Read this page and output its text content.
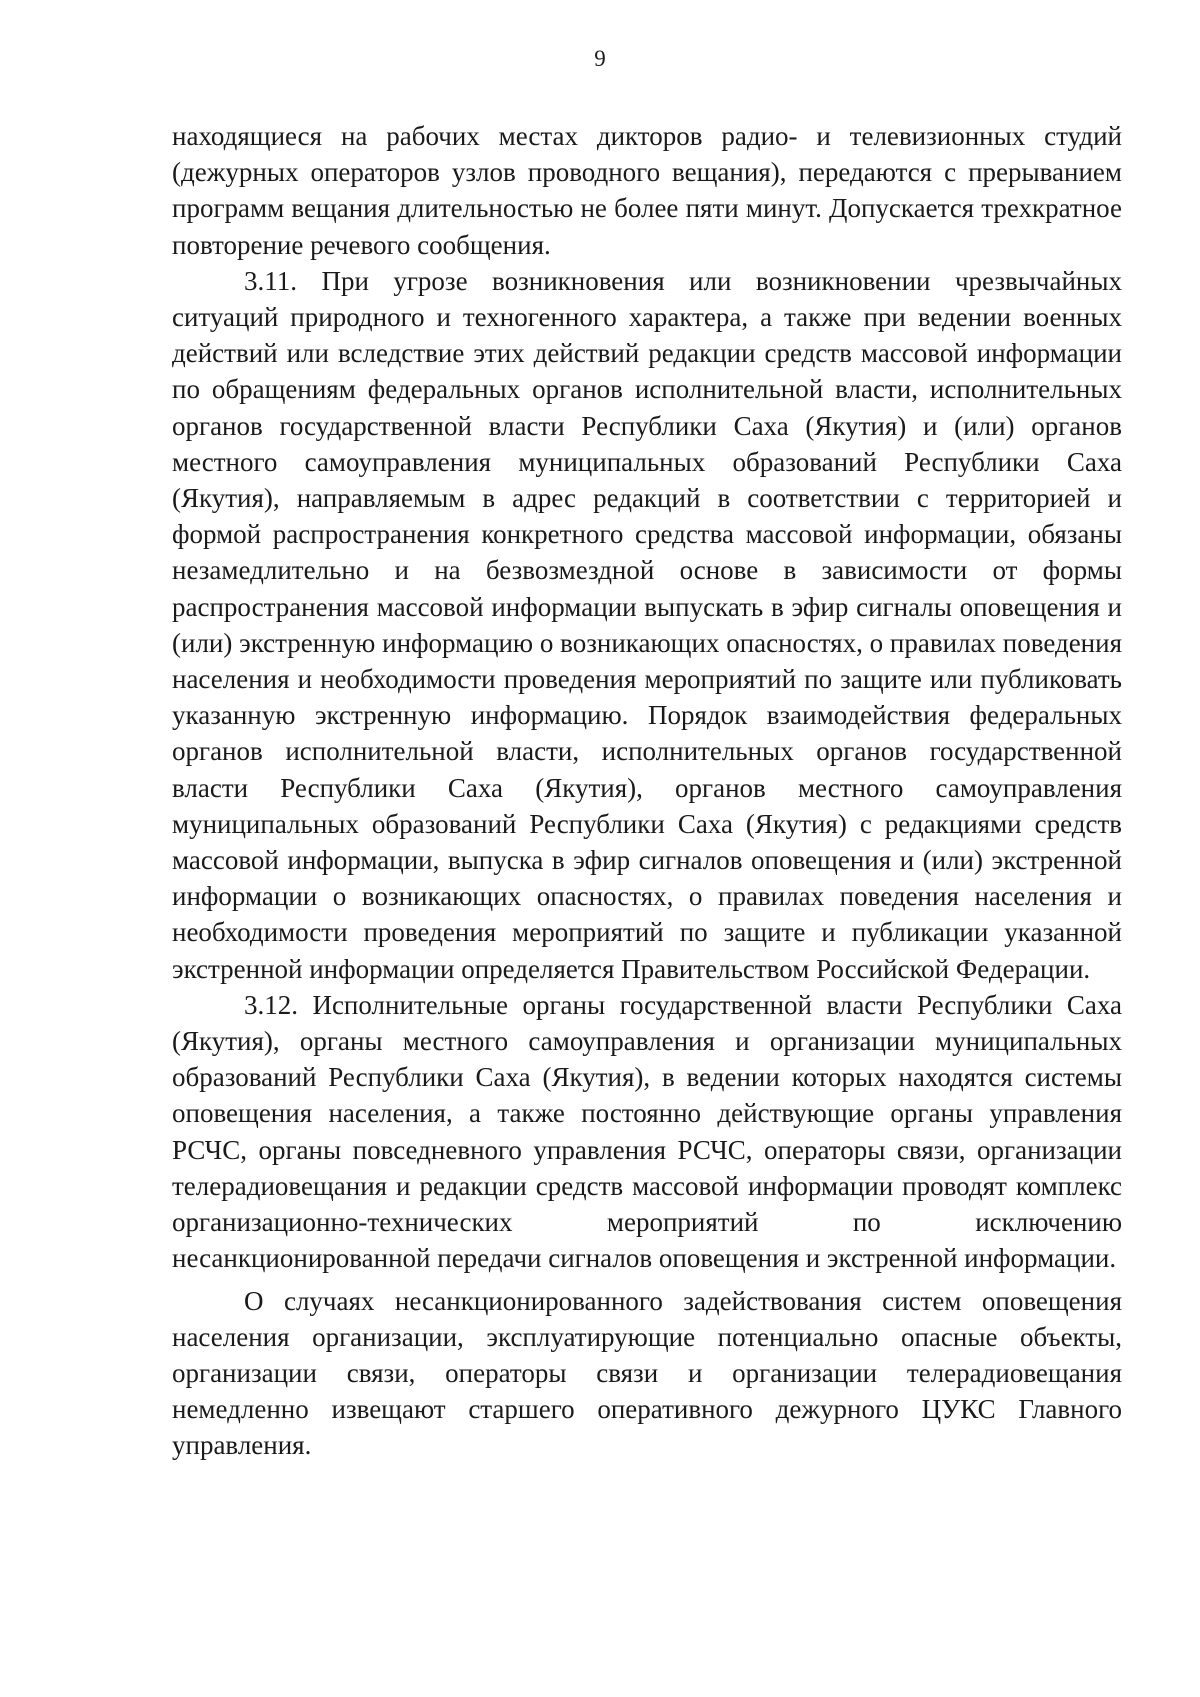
9

находящиеся на рабочих местах дикторов радио- и телевизионных студий (дежурных операторов узлов проводного вещания), передаются с прерыванием программ вещания длительностью не более пяти минут. Допускается трехкратное повторение речевого сообщения.

3.11. При угрозе возникновения или возникновении чрезвычайных ситуаций природного и техногенного характера, а также при ведении военных действий или вследствие этих действий редакции средств массовой информации по обращениям федеральных органов исполнительной власти, исполнительных органов государственной власти Республики Саха (Якутия) и (или) органов местного самоуправления муниципальных образований Республики Саха (Якутия), направляемым в адрес редакций в соответствии с территорией и формой распространения конкретного средства массовой информации, обязаны незамедлительно и на безвозмездной основе в зависимости от формы распространения массовой информации выпускать в эфир сигналы оповещения и (или) экстренную информацию о возникающих опасностях, о правилах поведения населения и необходимости проведения мероприятий по защите или публиковать указанную экстренную информацию. Порядок взаимодействия федеральных органов исполнительной власти, исполнительных органов государственной власти Республики Саха (Якутия), органов местного самоуправления муниципальных образований Республики Саха (Якутия) с редакциями средств массовой информации, выпуска в эфир сигналов оповещения и (или) экстренной информации о возникающих опасностях, о правилах поведения населения и необходимости проведения мероприятий по защите и публикации указанной экстренной информации определяется Правительством Российской Федерации.

3.12. Исполнительные органы государственной власти Республики Саха (Якутия), органы местного самоуправления и организации муниципальных образований Республики Саха (Якутия), в ведении которых находятся системы оповещения населения, а также постоянно действующие органы управления РСЧС, органы повседневного управления РСЧС, операторы связи, организации телерадиовещания и редакции средств массовой информации проводят комплекс организационно-технических мероприятий по исключению несанкционированной передачи сигналов оповещения и экстренной информации.

О случаях несанкционированного задействования систем оповещения населения организации, эксплуатирующие потенциально опасные объекты, организации связи, операторы связи и организации телерадиовещания немедленно извещают старшего оперативного дежурного ЦУКС Главного управления.
